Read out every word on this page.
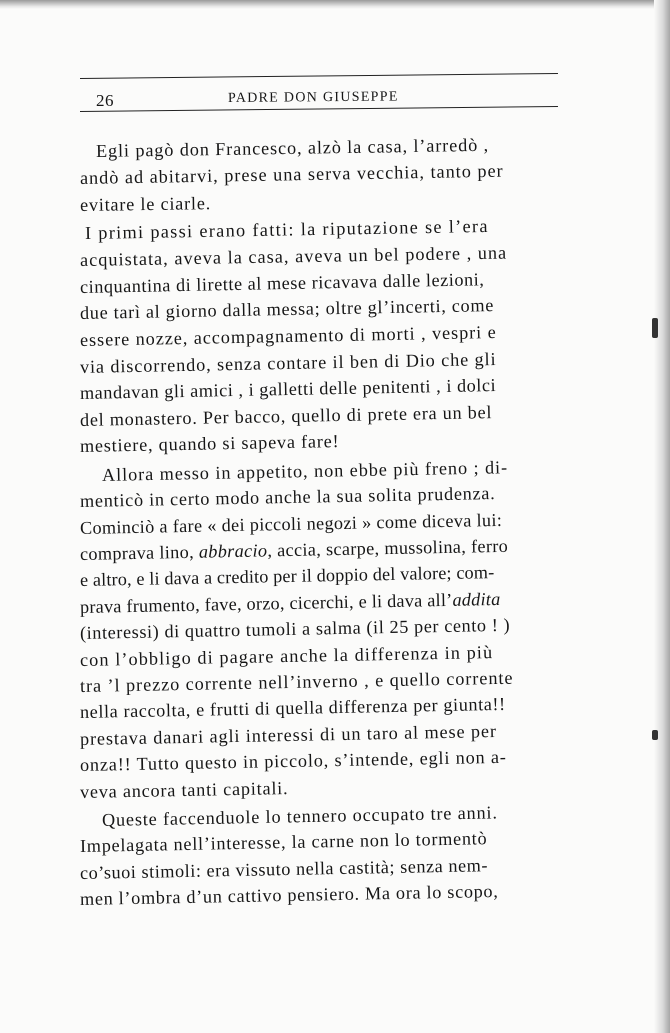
26	PADRE DON GIUSEPPE
Egli pagò don Francesco, alzò la casa, l’arredò ,
andò ad abitarvi, prese una serva vecchia, tanto per
evitare le ciarle.
I primi passi erano fatti: la riputazione se l’era
acquistata, aveva la casa, aveva un bel podere , una
cinquantina di lirette al mese ricavava dalle lezioni,
due tarì al giorno dalla messa; oltre gl’incerti, come
essere nozze, accompagnamento di morti , vespri e
via discorrendo, senza contare il ben di Dio che gli
mandavan gli amici , i galletti delle penitenti , i dolci
del monastero. Per bacco, quello di prete era un bel
mestiere, quando si sapeva fare!
Allora messo in appetito, non ebbe più freno ; di-
menticò in certo modo anche la sua solita prudenza.
Cominciò a fare « dei piccoli negozi » come diceva lui:
comprava lino, abbracio, accia, scarpe, mussolina, ferro
e altro, e li dava a credito per il doppio del valore; com-
prava frumento, fave, orzo, cicerchi, e li dava all’addita
(interessi) di quattro tumoli a salma (il 25 per cento ! )
con l’obbligo di pagare anche la differenza in più
tra ’l prezzo corrente nell’inverno , e quello corrente
nella raccolta, e frutti di quella differenza per giunta!!
prestava danari agli interessi di un taro al mese per
onza!! Tutto questo in piccolo, s’intende, egli non a-
veva ancora tanti capitali.
Queste faccenduole lo tennero occupato tre anni.
Impelagata nell’interesse, la carne non lo tormentò
co’suoi stimoli: era vissuto nella castità; senza nem-
men l’ombra d’un cattivo pensiero. Ma ora lo scopo,
